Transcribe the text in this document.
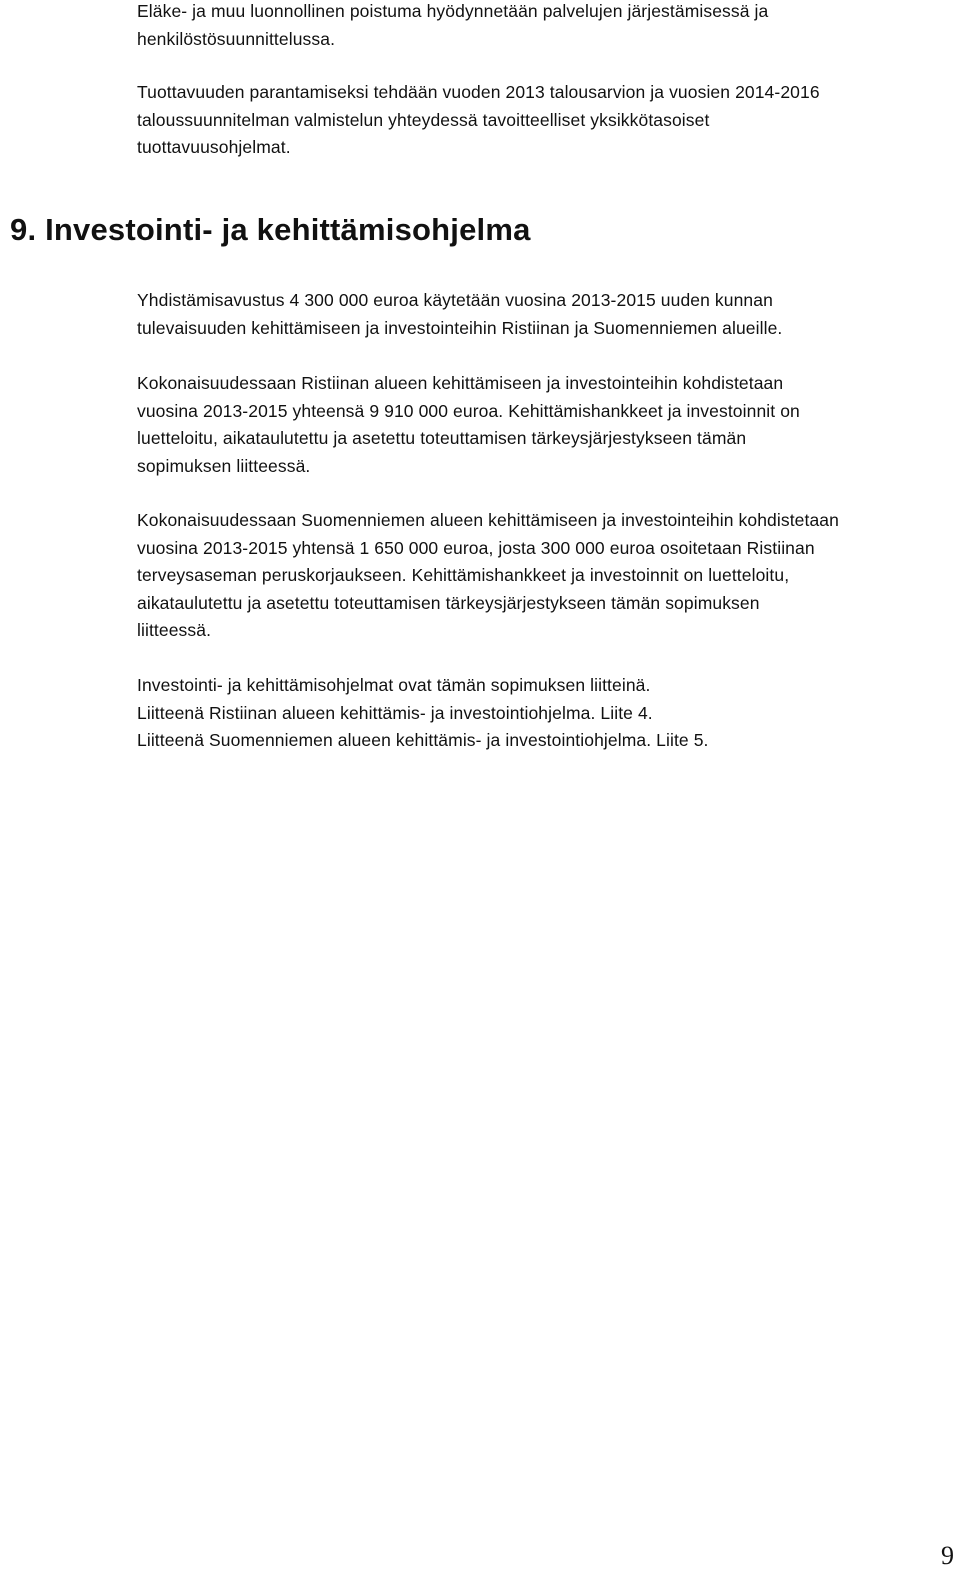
Eläke- ja muu luonnollinen poistuma hyödynnetään palvelujen järjestämisessä ja
henkilöstösuunnittelussa.
Tuottavuuden parantamiseksi tehdään vuoden 2013 talousarvion ja vuosien 2014-2016
taloussuunnitelman valmistelun yhteydessä tavoitteelliset yksikkötasoiset
tuottavuusohjelmat.
9. Investointi- ja kehittämisohjelma
Yhdistämisavustus 4 300 000 euroa käytetään vuosina 2013-2015 uuden kunnan
tulevaisuuden kehittämiseen ja investointeihin Ristiinan ja Suomenniemen alueille.
Kokonaisuudessaan Ristiinan alueen kehittämiseen ja investointeihin kohdistetaan
vuosina 2013-2015 yhteensä 9 910 000 euroa. Kehittämishankkeet ja investoinnit on
luetteloitu, aikataulutettu ja asetettu toteuttamisen tärkeysjärjestykseen tämän
sopimuksen liitteessä.
Kokonaisuudessaan Suomenniemen alueen kehittämiseen ja investointeihin kohdistetaan
vuosina 2013-2015 yhtensä 1 650 000 euroa, josta 300 000 euroa osoitetaan Ristiinan
terveysaseman peruskorjaukseen. Kehittämishankkeet ja investoinnit on luetteloitu,
aikataulutettu ja asetettu toteuttamisen tärkeysjärjestykseen tämän sopimuksen
liitteessä.
Investointi- ja kehittämisohjelmat ovat tämän sopimuksen liitteinä.
Liitteenä Ristiinan alueen kehittämis- ja investointiohjelma. Liite 4.
Liitteenä Suomenniemen alueen kehittämis- ja investointiohjelma. Liite 5.
9
